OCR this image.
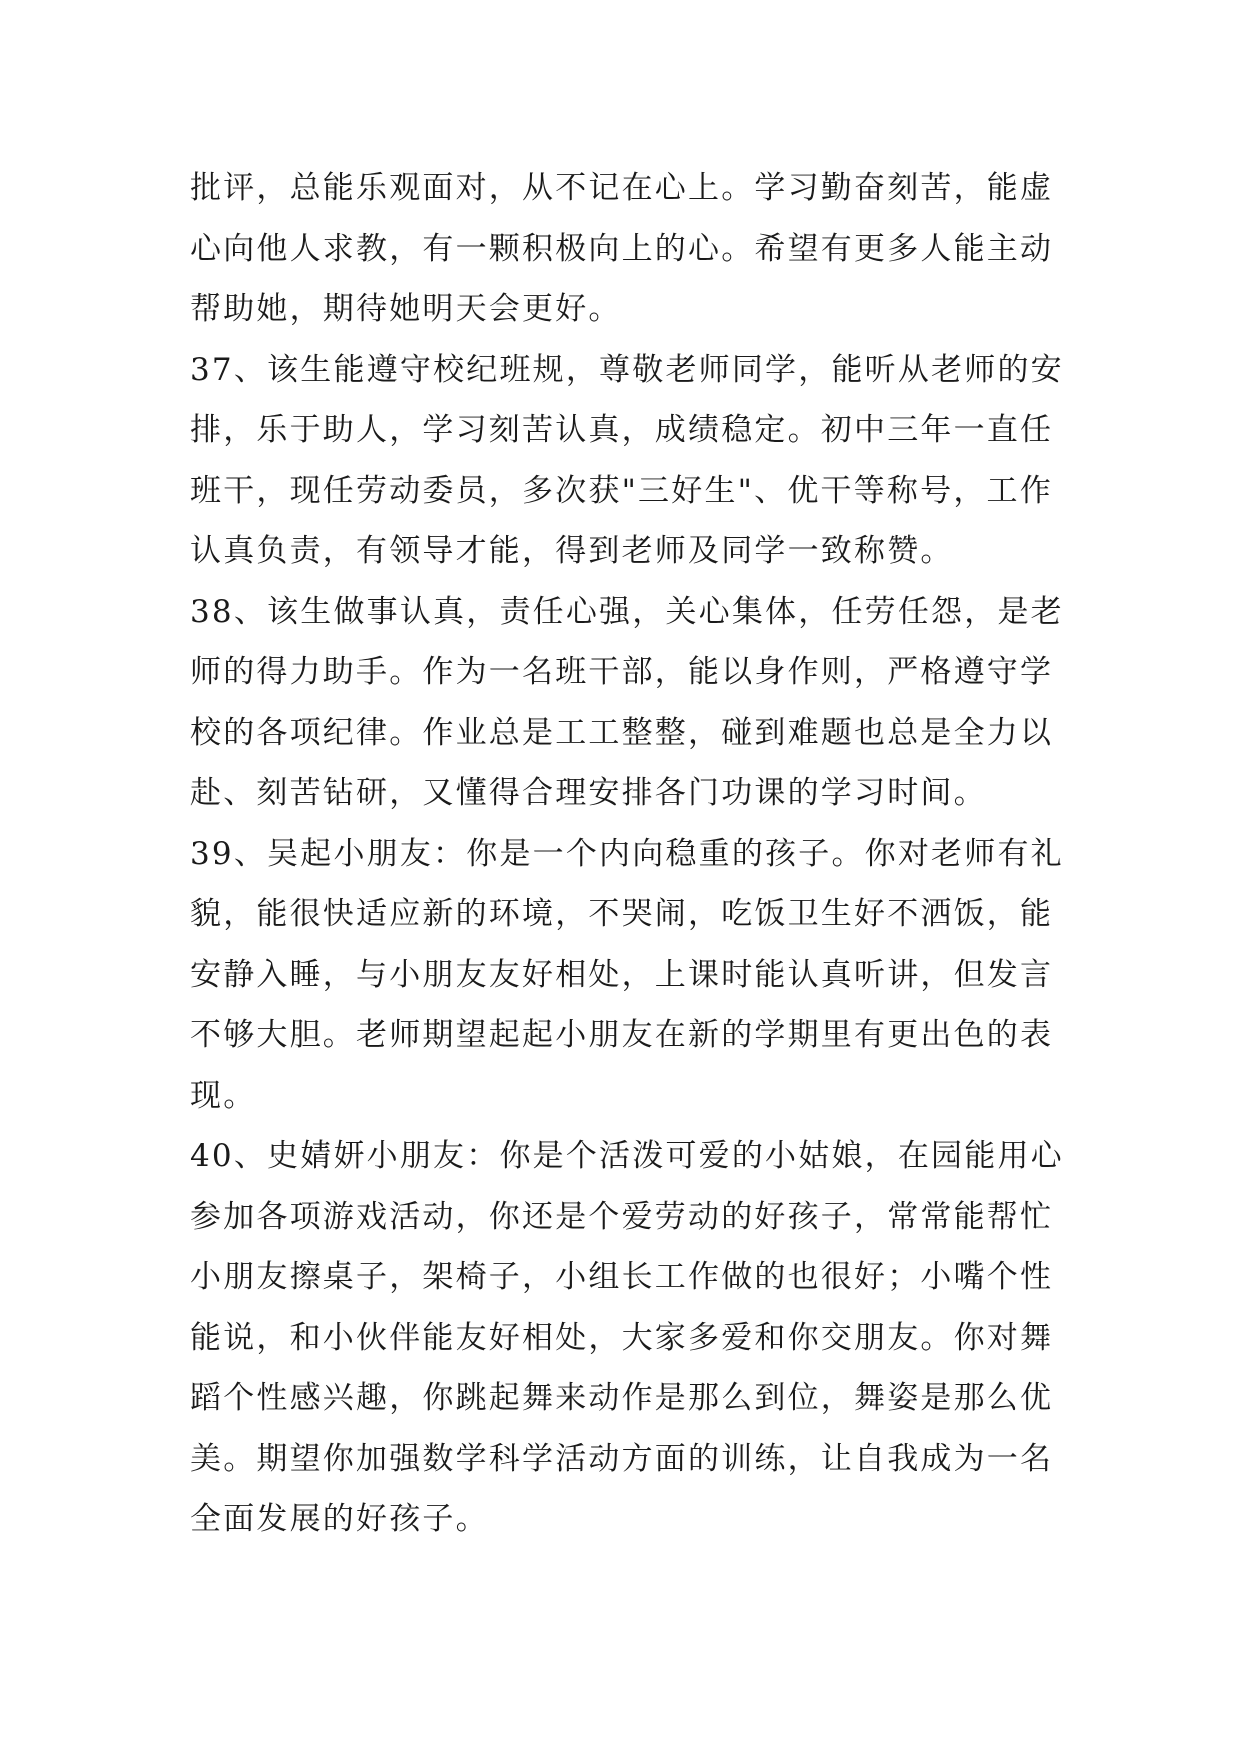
批评，总能乐观面对，从不记在心上。学习勤奋刻苦，能虚
心向他人求教，有一颗积极向上的心。希望有更多人能主动
帮助她，期待她明天会更好。
37、该生能遵守校纪班规，尊敬老师同学，能听从老师的安
排，乐于助人，学习刻苦认真，成绩稳定。初中三年一直任
班干，现任劳动委员，多次获"三好生"、优干等称号，工作
认真负责，有领导才能，得到老师及同学一致称赞。
38、该生做事认真，责任心强，关心集体，任劳任怨，是老
师的得力助手。作为一名班干部，能以身作则，严格遵守学
校的各项纪律。作业总是工工整整，碰到难题也总是全力以
赴、刻苦钻研，又懂得合理安排各门功课的学习时间。
39、吴起小朋友：你是一个内向稳重的孩子。你对老师有礼
貌，能很快适应新的环境，不哭闹，吃饭卫生好不洒饭，能
安静入睡，与小朋友友好相处，上课时能认真听讲，但发言
不够大胆。老师期望起起小朋友在新的学期里有更出色的表
现。
40、史婧妍小朋友：你是个活泼可爱的小姑娘，在园能用心
参加各项游戏活动，你还是个爱劳动的好孩子，常常能帮忙
小朋友擦桌子，架椅子，小组长工作做的也很好；小嘴个性
能说，和小伙伴能友好相处，大家多爱和你交朋友。你对舞
蹈个性感兴趣，你跳起舞来动作是那么到位，舞姿是那么优
美。期望你加强数学科学活动方面的训练，让自我成为一名
全面发展的好孩子。
